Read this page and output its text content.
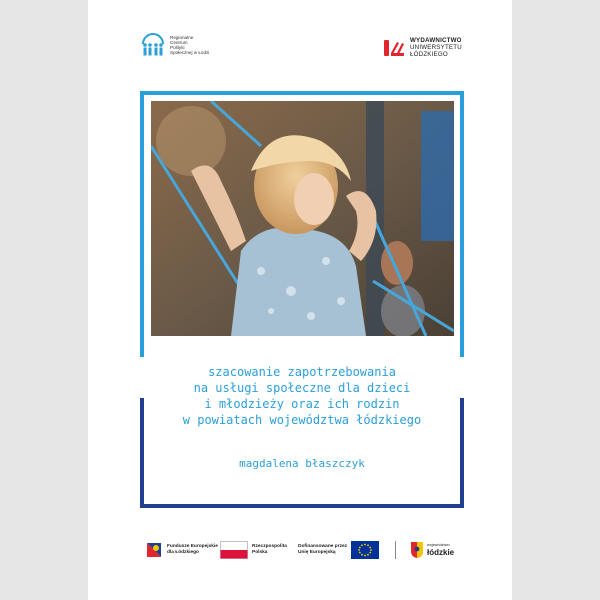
Regionalne
Centrum
Polityki
Społecznej w Łodzi
WYDAWNICTWO
UNIWERSYTETU
ŁÓDZKIEGO
szacowanie zapotrzebowania
na usługi społeczne dla dzieci
i młodzieży oraz ich rodzin
w powiatach województwa łódzkiego
magdalena błaszczyk
Fundusze Europejskie
dla Łódzkiego
Rzeczpospolita
Polska
Dofinansowane przez
Unię Europejską
województwo
łódzkie
